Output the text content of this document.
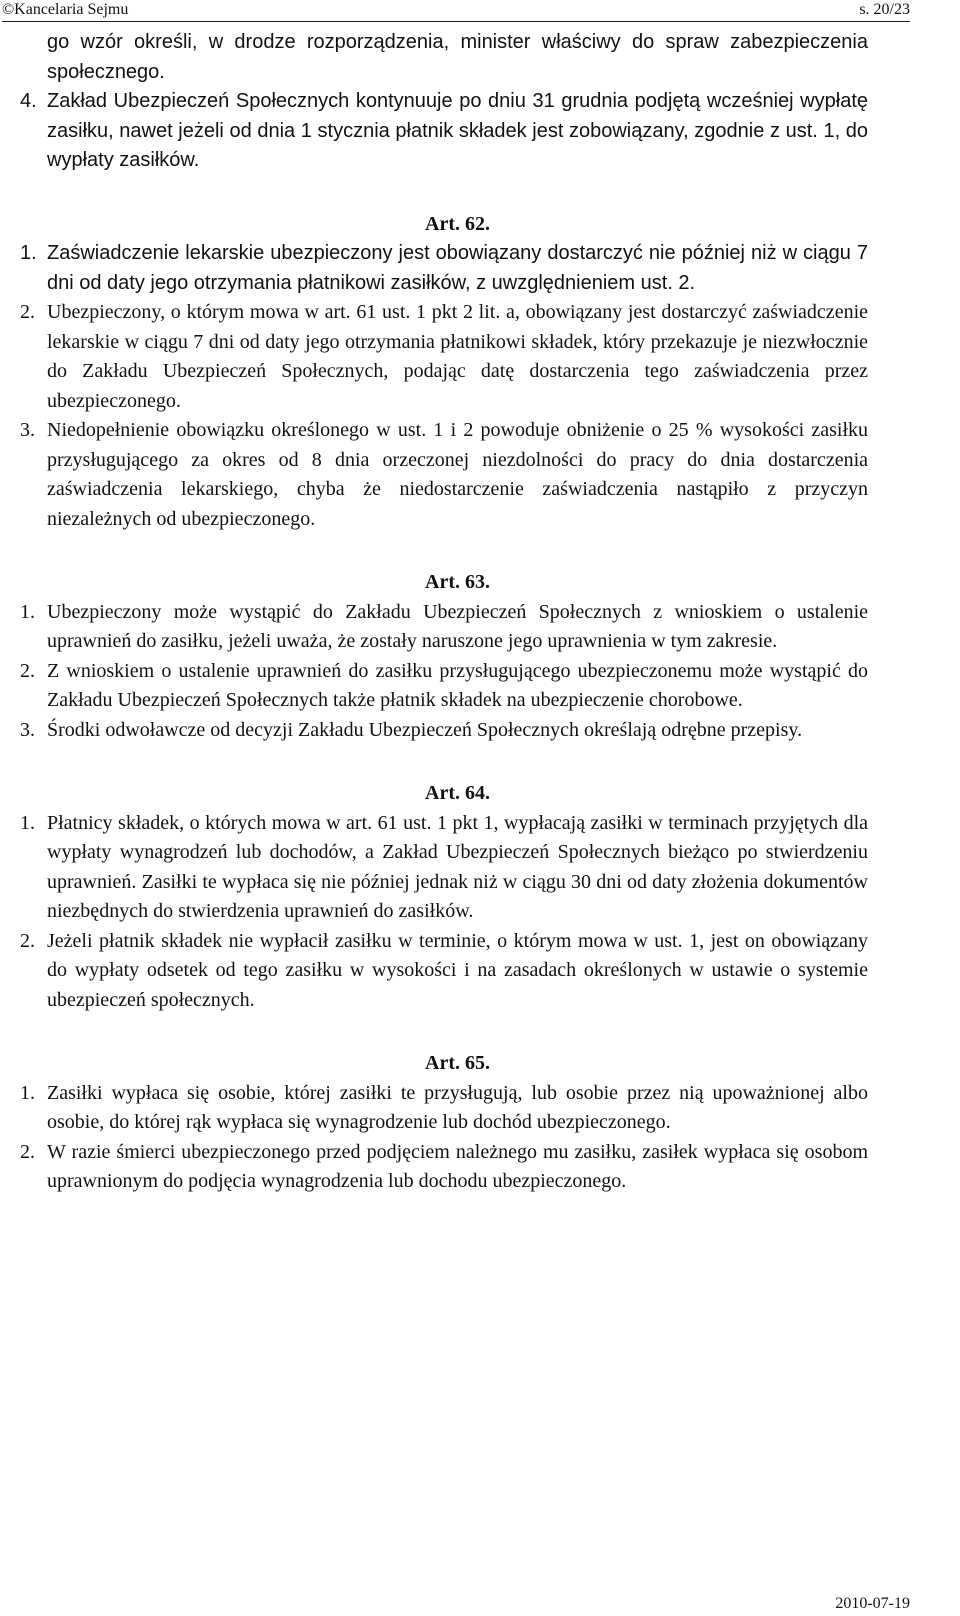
©Kancelaria Sejmu	s. 20/23

go wzór określi, w drodze rozporządzenia, minister właściwy do spraw zabezpieczenia społecznego.

4. Zakład Ubezpieczeń Społecznych kontynuuje po dniu 31 grudnia podjętą wcześniej wypłatę zasiłku, nawet jeżeli od dnia 1 stycznia płatnik składek jest zobowiązany, zgodnie z ust. 1, do wypłaty zasiłków.

Art. 62.

1. Zaświadczenie lekarskie ubezpieczony jest obowiązany dostarczyć nie później niż w ciągu 7 dni od daty jego otrzymania płatnikowi zasiłków, z uwzględnieniem ust. 2.

2. Ubezpieczony, o którym mowa w art. 61 ust. 1 pkt 2 lit. a, obowiązany jest dostarczyć zaświadczenie lekarskie w ciągu 7 dni od daty jego otrzymania płatnikowi składek, który przekazuje je niezwłocznie do Zakładu Ubezpieczeń Społecznych, podając datę dostarczenia tego zaświadczenia przez ubezpieczonego.

3. Niedopełnienie obowiązku określonego w ust. 1 i 2 powoduje obniżenie o 25 % wysokości zasiłku przysługującego za okres od 8 dnia orzeczonej niezdolności do pracy do dnia dostarczenia zaświadczenia lekarskiego, chyba że niedostarczenie zaświadczenia nastąpiło z przyczyn niezależnych od ubezpieczonego.

Art. 63.

1. Ubezpieczony może wystąpić do Zakładu Ubezpieczeń Społecznych z wnioskiem o ustalenie uprawnień do zasiłku, jeżeli uważa, że zostały naruszone jego uprawnienia w tym zakresie.

2. Z wnioskiem o ustalenie uprawnień do zasiłku przysługującego ubezpieczonemu może wystąpić do Zakładu Ubezpieczeń Społecznych także płatnik składek na ubezpieczenie chorobowe.

3. Środki odwoławcze od decyzji Zakładu Ubezpieczeń Społecznych określają odrębne przepisy.

Art. 64.

1. Płatnicy składek, o których mowa w art. 61 ust. 1 pkt 1, wypłacają zasiłki w terminach przyjętych dla wypłaty wynagrodzeń lub dochodów, a Zakład Ubezpieczeń Społecznych bieżąco po stwierdzeniu uprawnień. Zasiłki te wypłaca się nie później jednak niż w ciągu 30 dni od daty złożenia dokumentów niezbędnych do stwierdzenia uprawnień do zasiłków.

2. Jeżeli płatnik składek nie wypłacił zasiłku w terminie, o którym mowa w ust. 1, jest on obowiązany do wypłaty odsetek od tego zasiłku w wysokości i na zasadach określonych w ustawie o systemie ubezpieczeń społecznych.

Art. 65.

1. Zasiłki wypłaca się osobie, której zasiłki te przysługują, lub osobie przez nią upoważnionej albo osobie, do której rąk wypłaca się wynagrodzenie lub dochód ubezpieczonego.

2. W razie śmierci ubezpieczonego przed podjęciem należnego mu zasiłku, zasiłek wypłaca się osobom uprawnionym do podjęcia wynagrodzenia lub dochodu ubezpieczonego.

2010-07-19
